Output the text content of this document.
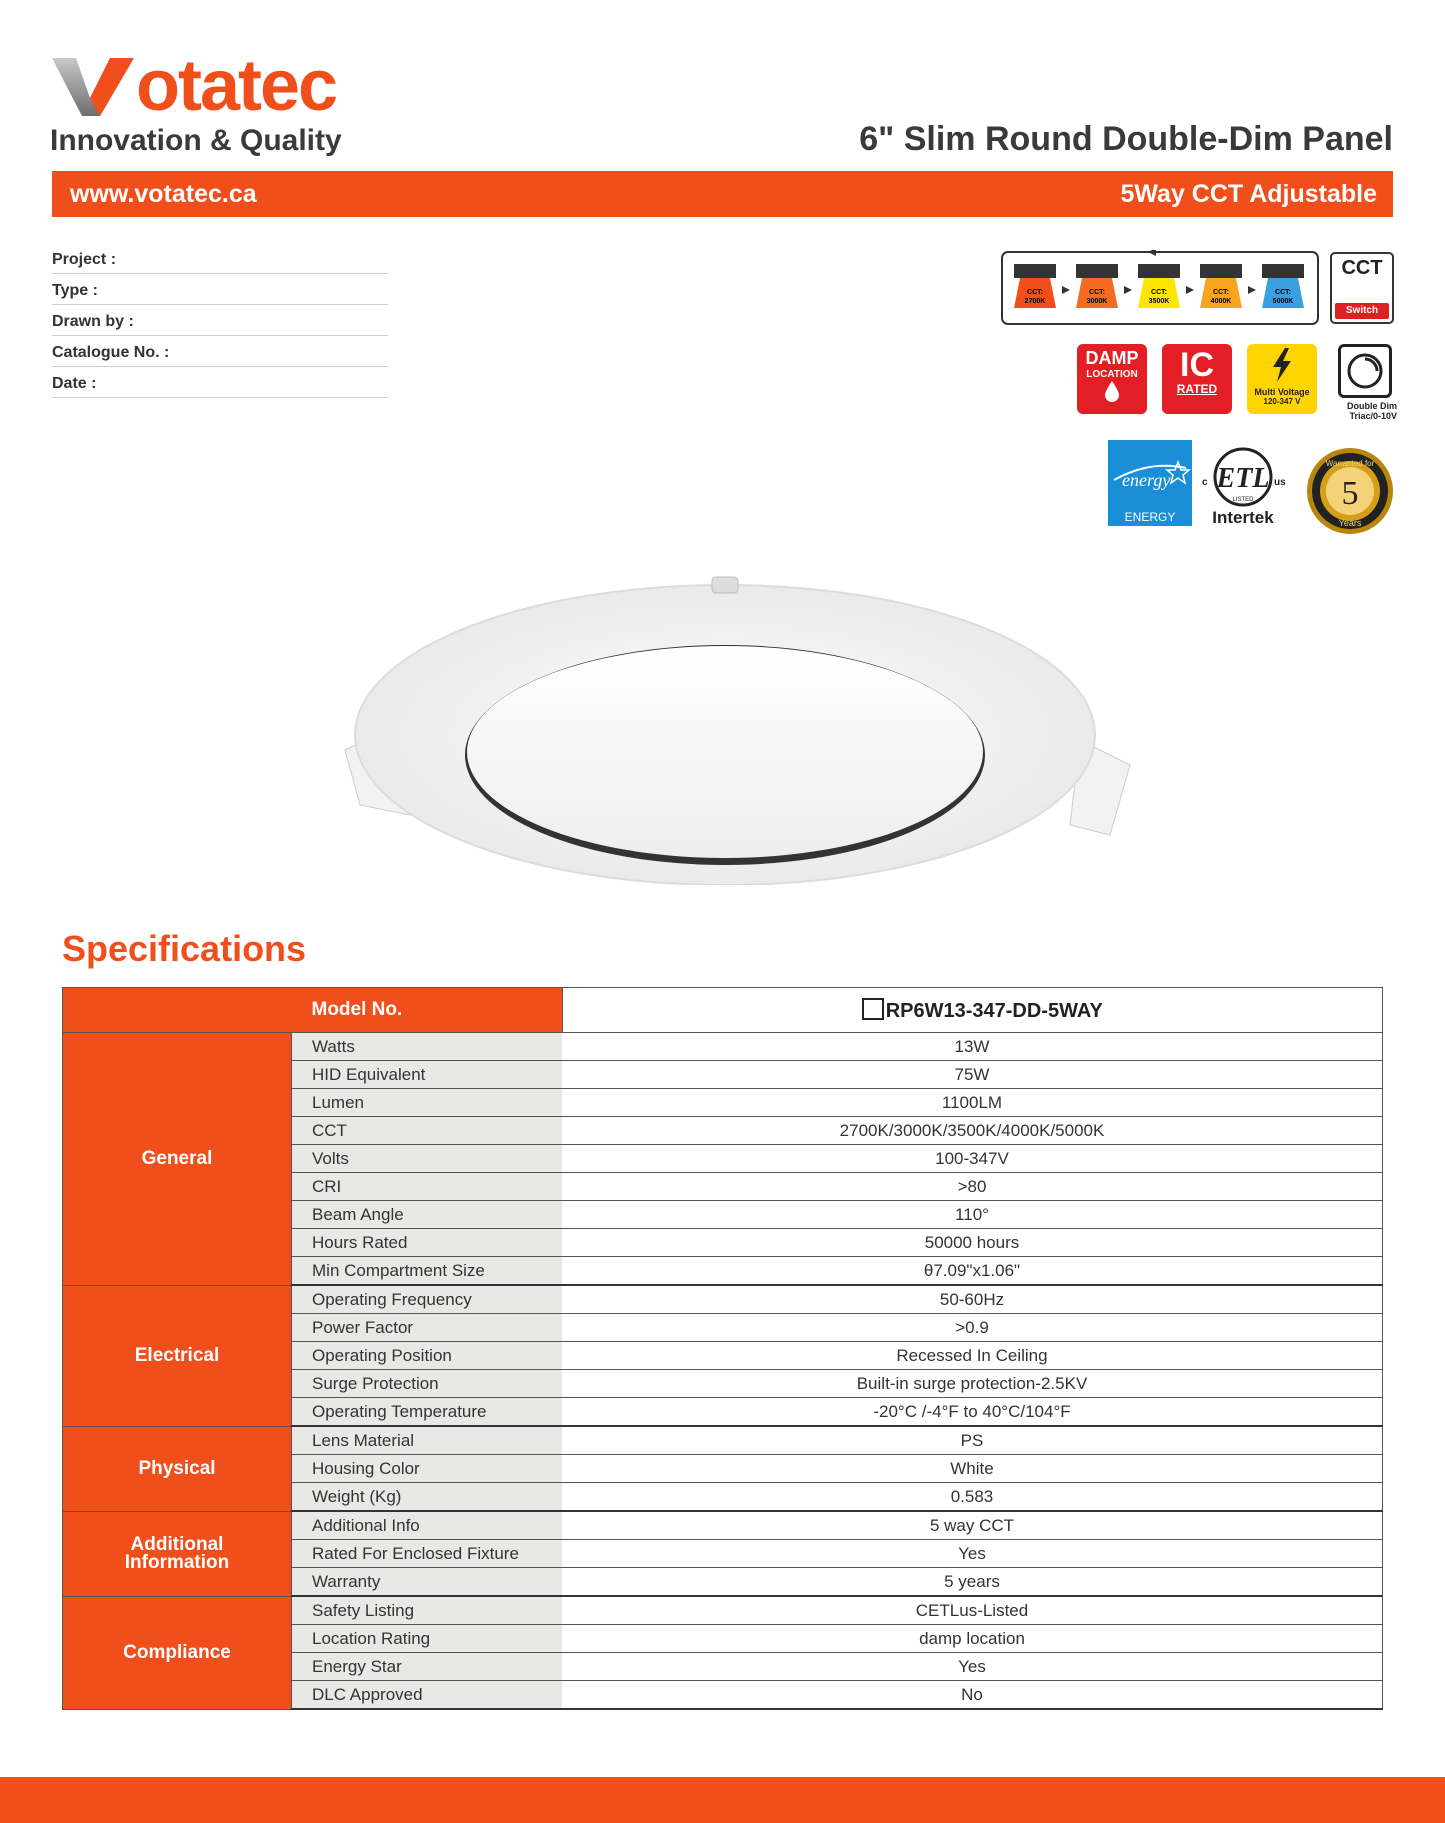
otatec
Innovation & Quality	6" Slim Round Double-Dim Panel
www.votatec.ca	5Way CCT Adjustable
Project :
Type :
Drawn by :
Catalogue No. :
Date :
CCT:
2700K
CCT:
3000K
CCT:
3500K
CCT:
4000K
CCT:
5000K
CCT
Switch
DAMP
LOCATION	IC
RATED	Multi Voltage
120-347 V	Double Dim
Triac/0-10V
energy
ENERGY STAR
ETL
c	us
LISTED
Intertek
5
Warranted for
Years
Specifications
	Model No.	RP6W13-347-DD-5WAY
General	Watts	13W
	HID Equivalent	75W
	Lumen	1100LM
	CCT	2700K/3000K/3500K/4000K/5000K
	Volts	100-347V
	CRI	>80
	Beam Angle	110°
	Hours Rated	50000 hours
	Min Compartment Size	θ7.09"x1.06"
Electrical	Operating Frequency	50-60Hz
	Power Factor	>0.9
	Operating Position	Recessed In Ceiling
	Surge Protection	Built-in surge protection-2.5KV
	Operating Temperature	-20°C /-4°F to 40°C/104°F
Physical	Lens Material	PS
	Housing Color	White
	Weight (Kg)	0.583
Additional Information	Additional Info	5 way CCT
	Rated For Enclosed Fixture	Yes
	Warranty	5 years
Compliance	Safety Listing	CETLus-Listed
	Location Rating	damp location
	Energy Star	Yes
	DLC Approved	No
